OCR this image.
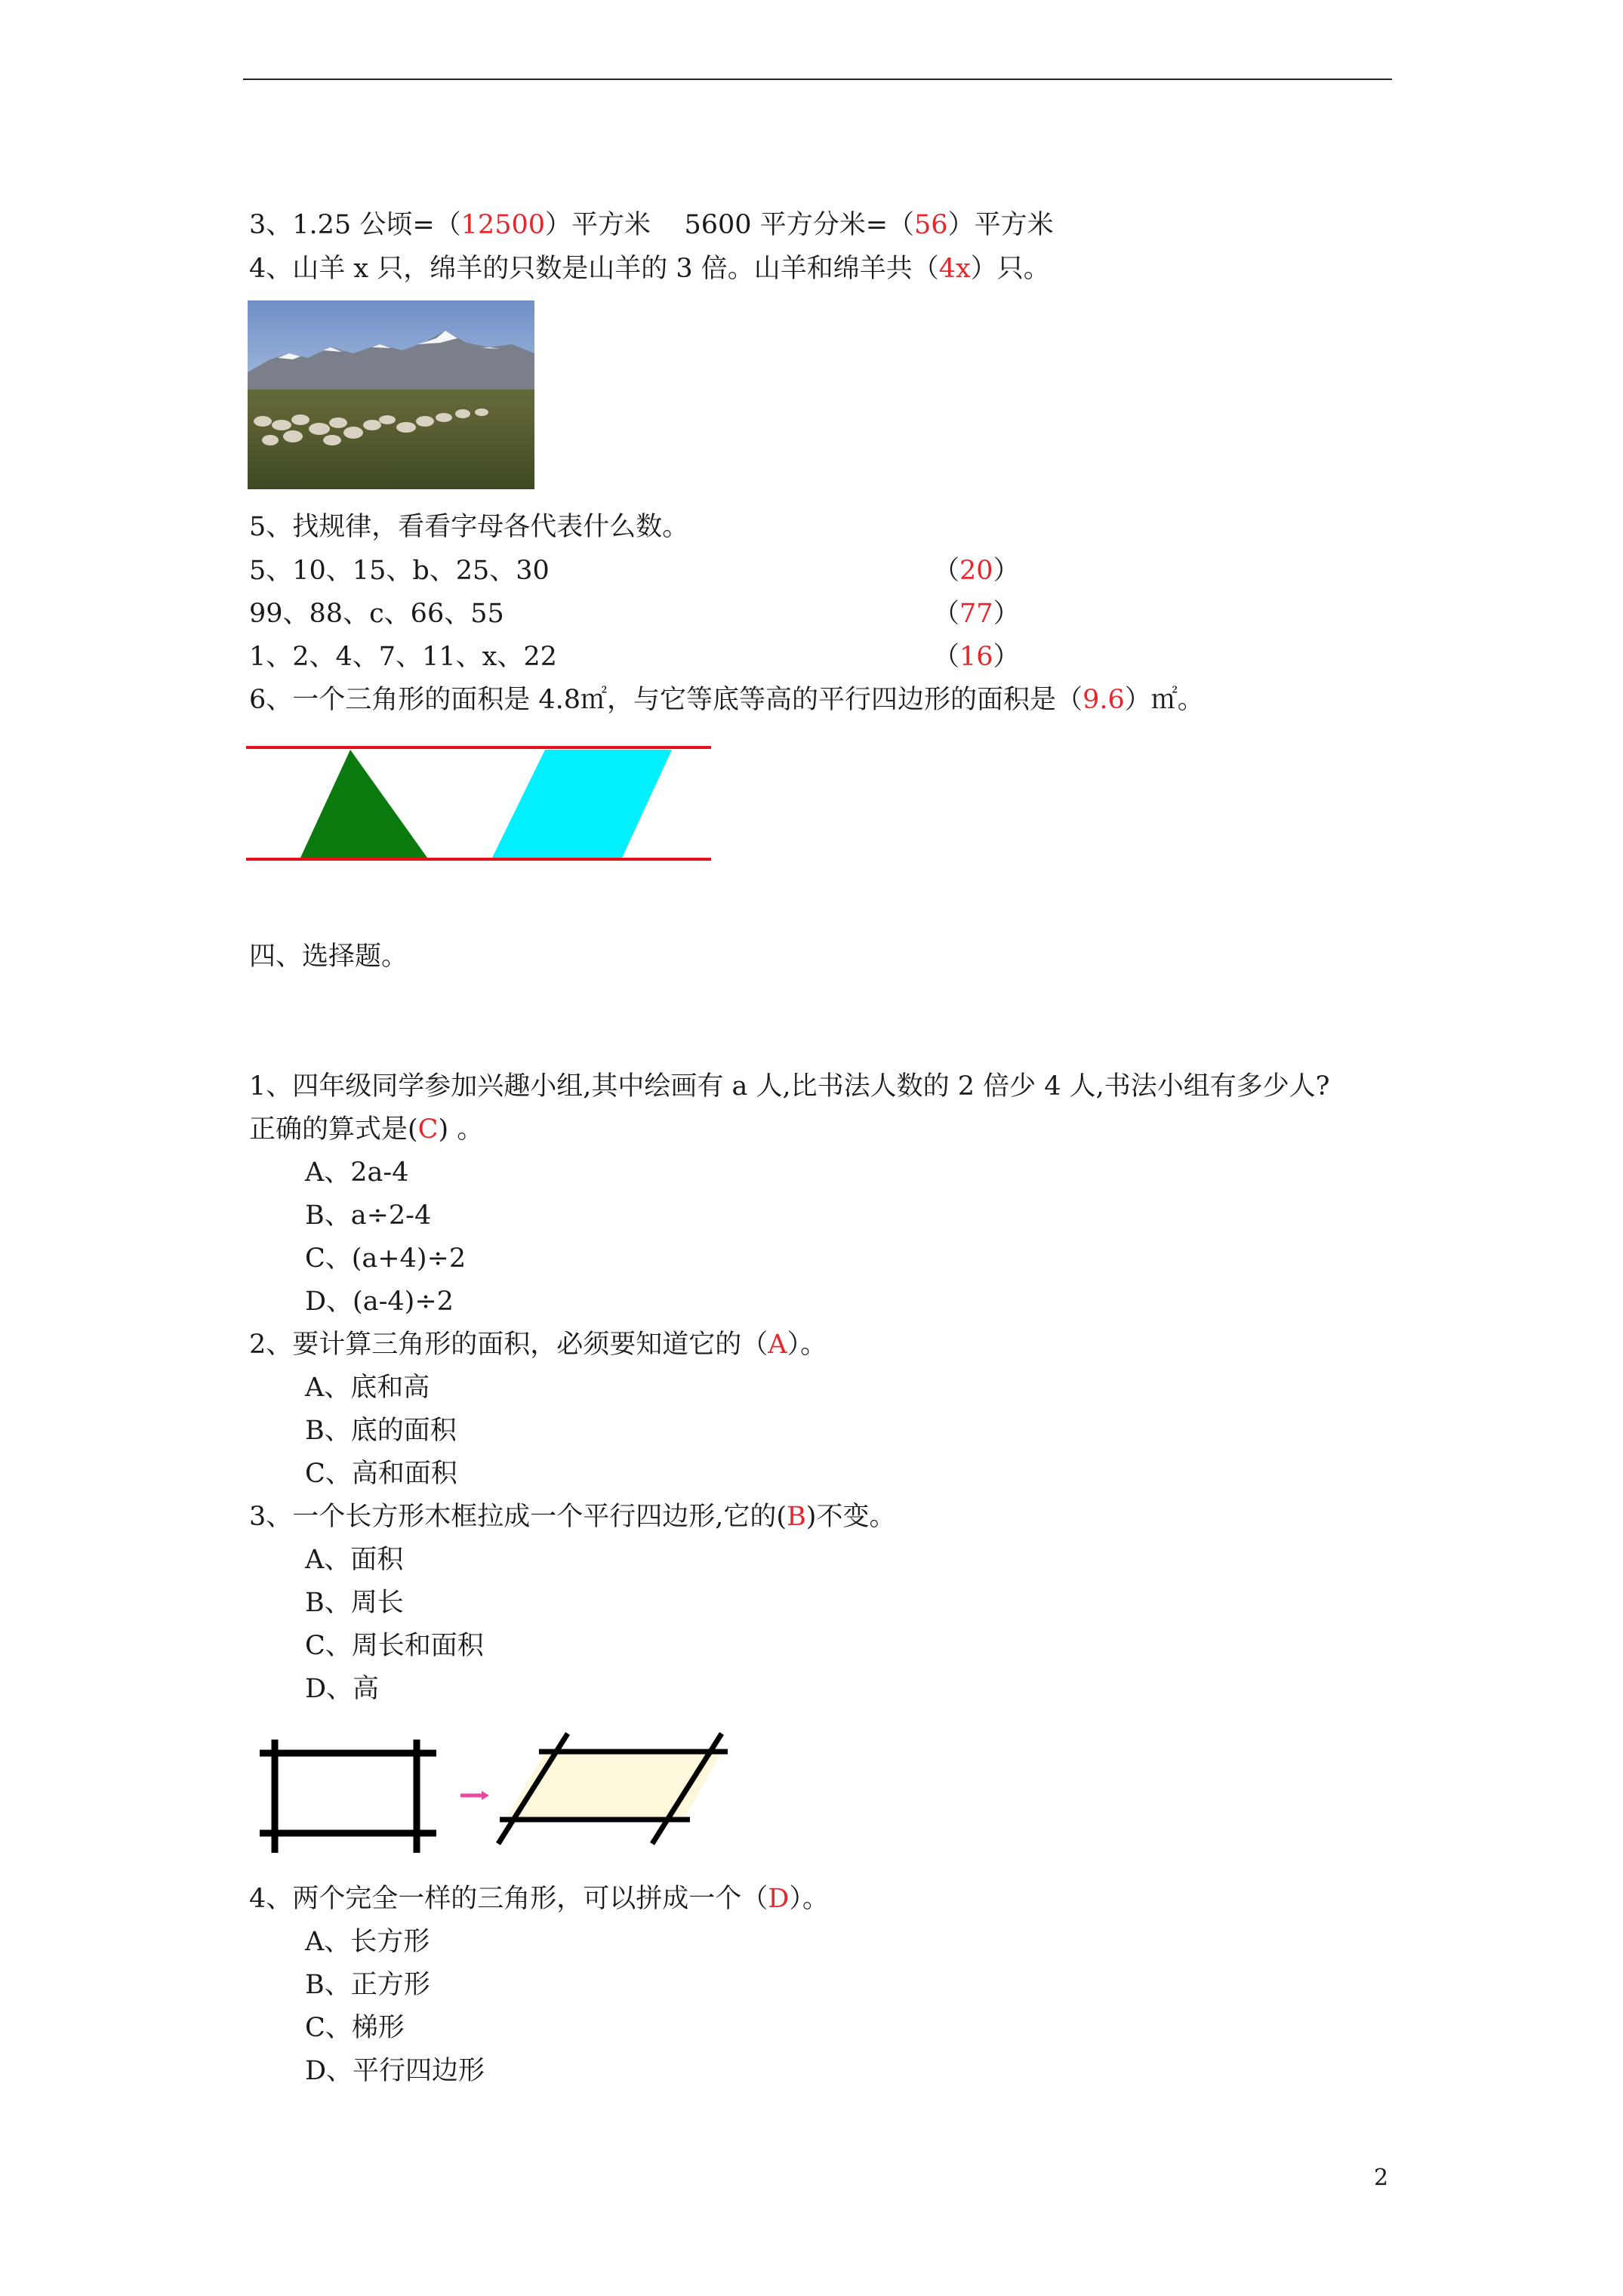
3、1.25 公顷=（12500）平方米    5600 平方分米=（56）平方米
4、山羊 x 只，绵羊的只数是山羊的 3 倍。山羊和绵羊共（4x）只。
5、找规律，看看字母各代表什么数。
5、10、15、b、25、30	（20）
99、88、c、66、55	（77）
1、2、4、7、11、x、22	（16）
6、一个三角形的面积是 4.8㎡，与它等底等高的平行四边形的面积是（9.6）㎡。
四、选择题。
1、四年级同学参加兴趣小组,其中绘画有 a 人,比书法人数的 2 倍少 4 人,书法小组有多少人?
正确的算式是(C) 。
A、2a-4
B、a÷2-4
C、(a+4)÷2
D、(a-4)÷2
2、要计算三角形的面积，必须要知道它的（A）。
A、底和高
B、底的面积
C、高和面积
3、一个长方形木框拉成一个平行四边形,它的(B)不变。
A、面积
B、周长
C、周长和面积
D、高
4、两个完全一样的三角形，可以拼成一个（D）。
A、长方形
B、正方形
C、梯形
D、平行四边形
2
